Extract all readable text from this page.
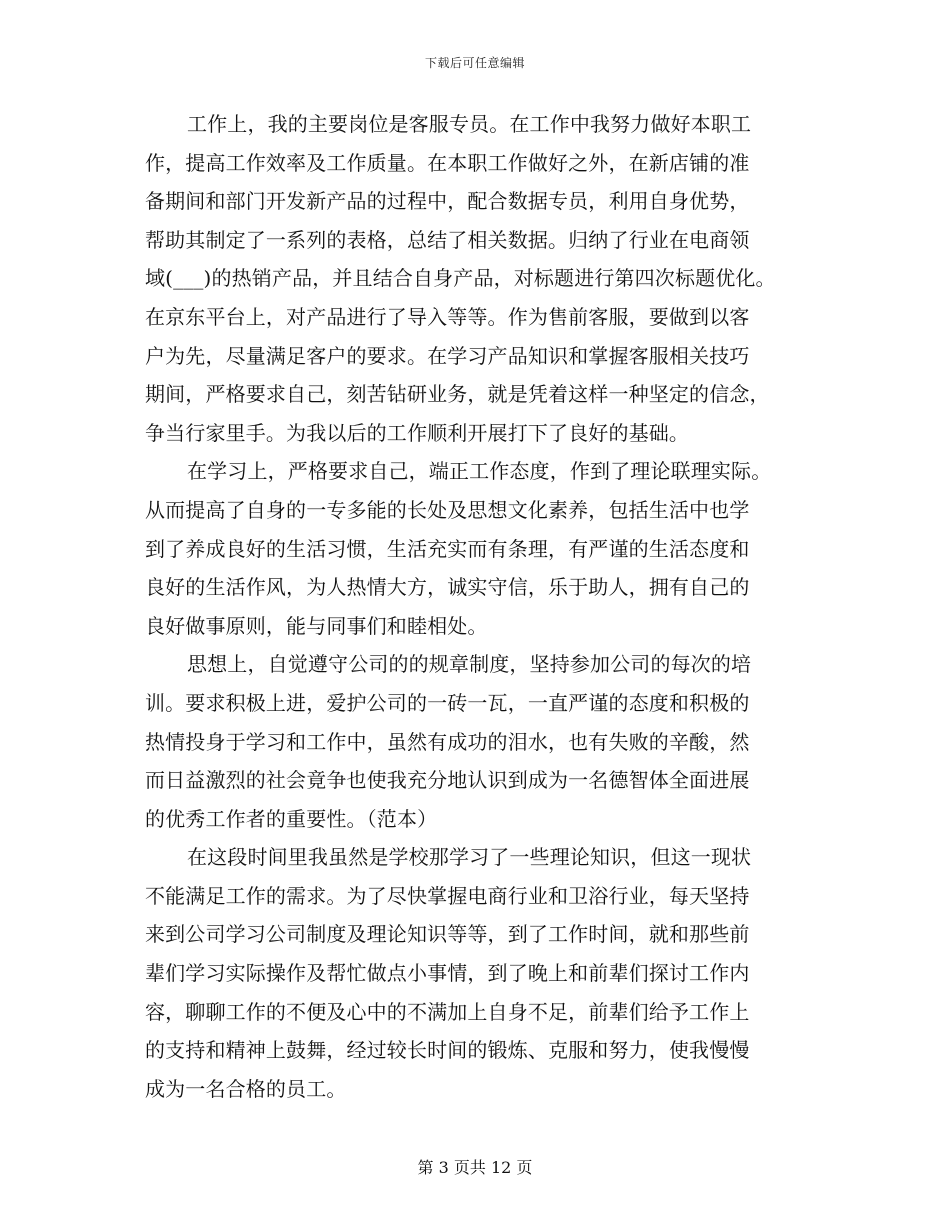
下载后可任意编辑
工作上，我的主要岗位是客服专员。在工作中我努力做好本职工
作，提高工作效率及工作质量。在本职工作做好之外，在新店铺的准
备期间和部门开发新产品的过程中，配合数据专员，利用自身优势，
帮助其制定了一系列的表格，总结了相关数据。归纳了行业在电商领
域(___)的热销产品，并且结合自身产品，对标题进行第四次标题优化。
在京东平台上，对产品进行了导入等等。作为售前客服，要做到以客
户为先，尽量满足客户的要求。在学习产品知识和掌握客服相关技巧
期间，严格要求自己，刻苦钻研业务，就是凭着这样一种坚定的信念，
争当行家里手。为我以后的工作顺利开展打下了良好的基础。
在学习上，严格要求自己，端正工作态度，作到了理论联理实际。
从而提高了自身的一专多能的长处及思想文化素养，包括生活中也学
到了养成良好的生活习惯，生活充实而有条理，有严谨的生活态度和
良好的生活作风，为人热情大方，诚实守信，乐于助人，拥有自己的
良好做事原则，能与同事们和睦相处。
思想上，自觉遵守公司的的规章制度，坚持参加公司的每次的培
训。要求积极上进，爱护公司的一砖一瓦，一直严谨的态度和积极的
热情投身于学习和工作中，虽然有成功的泪水，也有失败的辛酸，然
而日益激烈的社会竟争也使我充分地认识到成为一名德智体全面进展
的优秀工作者的重要性。（范本）
在这段时间里我虽然是学校那学习了一些理论知识，但这一现状
不能满足工作的需求。为了尽快掌握电商行业和卫浴行业，每天坚持
来到公司学习公司制度及理论知识等等，到了工作时间，就和那些前
辈们学习实际操作及帮忙做点小事情，到了晚上和前辈们探讨工作内
容，聊聊工作的不便及心中的不满加上自身不足，前辈们给予工作上
的支持和精神上鼓舞，经过较长时间的锻炼、克服和努力，使我慢慢
成为一名合格的员工。
第 3 页共 12 页
